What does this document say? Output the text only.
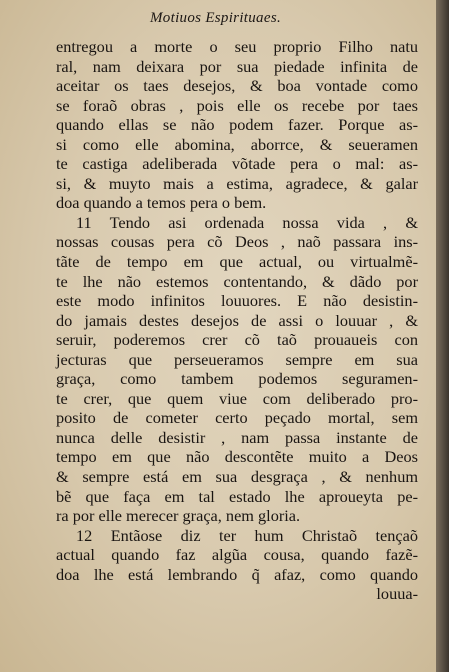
Motiuos Espirituaes.
entregou a morte o seu proprio Filho natu
ral, nam deixara por sua piedade infinita de
aceitar os taes desejos, & boa vontade como
se foraõ obras , pois elle os recebe por taes
quando ellas se não podem fazer. Porque as-
si como elle abomina, aborrce, & seueramen
te castiga adeliberada võtade pera o mal: as-
si, & muyto mais a estima, agradece, & galar
doa quando a temos pera o bem.
11 Tendo asi ordenada nossa vida , &
nossas cousas pera cõ Deos , naõ passara ins-
tãte de tempo em que actual, ou virtualmẽ-
te lhe não estemos contentando, & dãdo por
este modo infinitos louuores. E não desistin-
do jamais destes desejos de assi o louuar , &
seruir, poderemos crer cõ taõ prouaueis con
jecturas que perseueramos sempre em sua
graça, como tambem podemos seguramen-
te crer, que quem viue com deliberado pro-
posito de cometer certo peçado mortal, sem
nunca delle desistir , nam passa instante de
tempo em que não descontẽte muito a Deos
& sempre está em sua desgraça , & nenhum
bẽ que faça em tal estado lhe aproueyta pe-
ra por elle merecer graça, nem gloria.
12 Entãose diz ter hum Christaõ tençaõ
actual quando faz algũa cousa, quando fazẽ-
doa lhe está lembrando q̃ afaz, como quando
louua-
